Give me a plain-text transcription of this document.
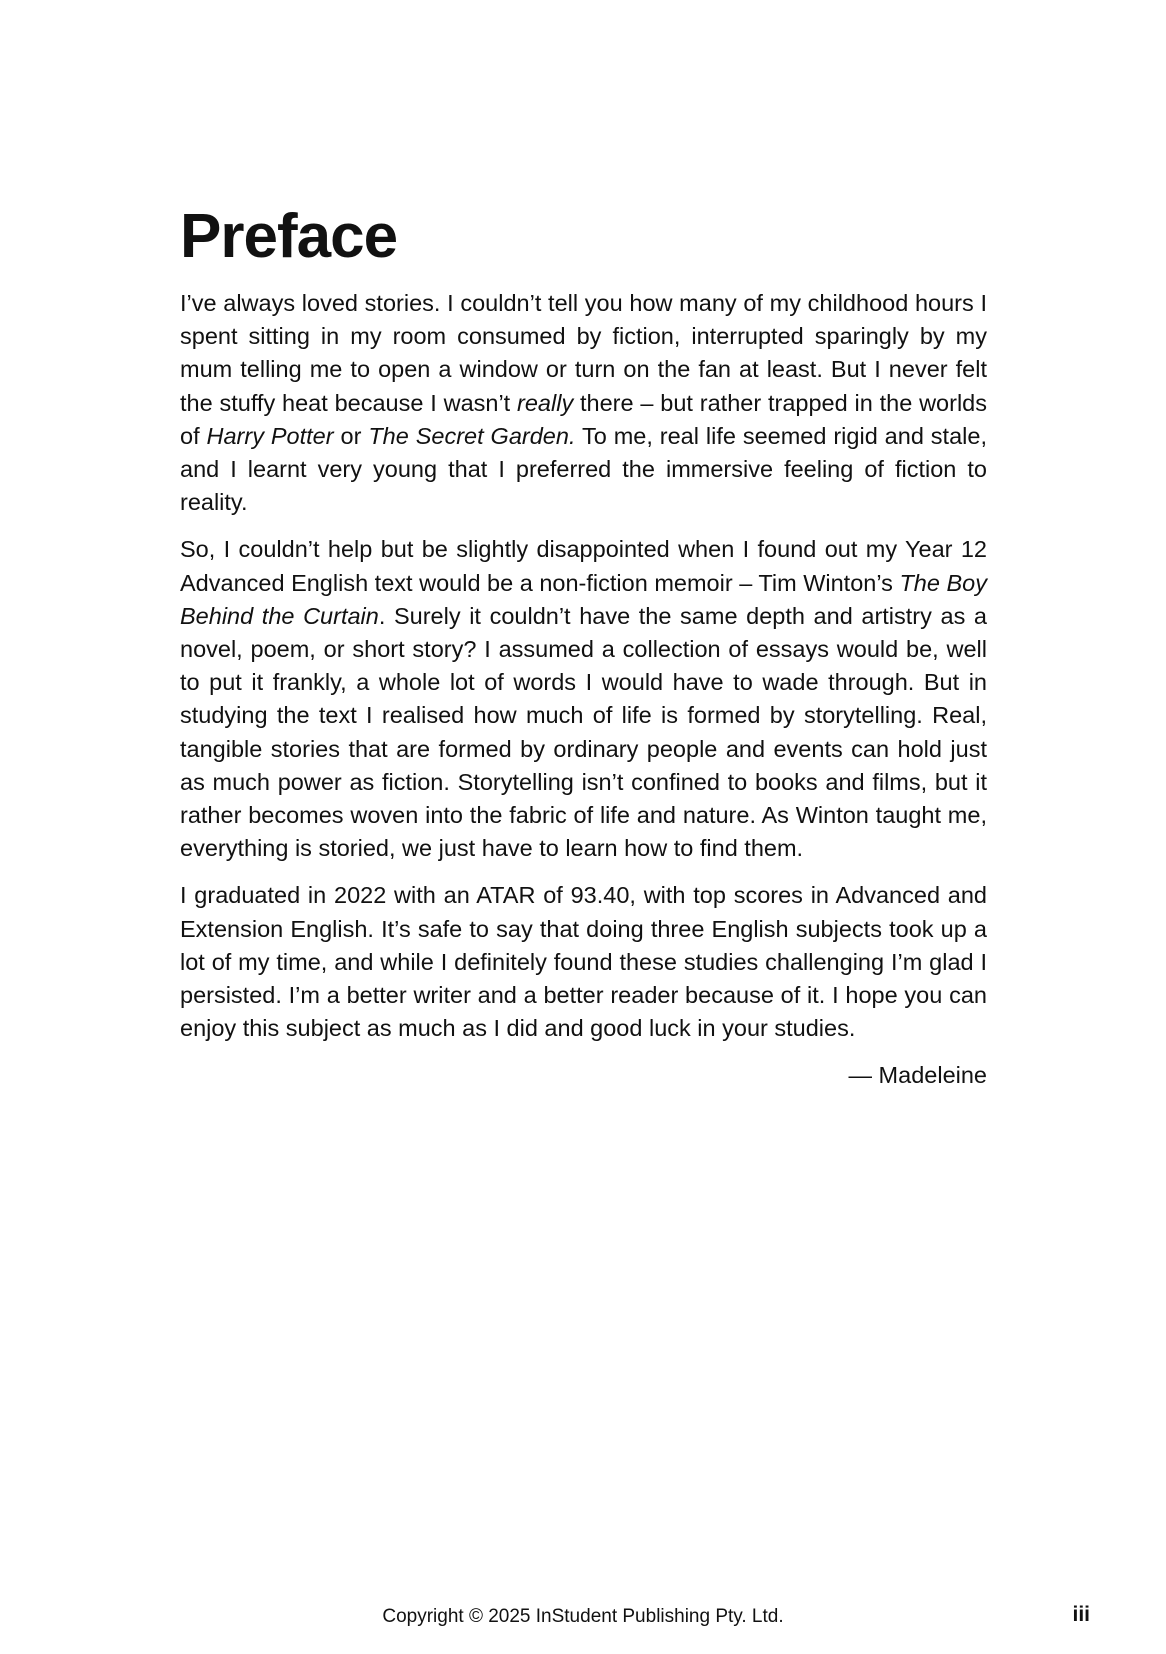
Preface

I’ve always loved stories. I couldn’t tell you how many of my childhood hours I spent sitting in my room consumed by fiction, interrupted sparingly by my mum telling me to open a window or turn on the fan at least. But I never felt the stuffy heat because I wasn’t really there – but rather trapped in the worlds of Harry Potter or The Secret Garden. To me, real life seemed rigid and stale, and I learnt very young that I preferred the immersive feeling of fiction to reality.

So, I couldn’t help but be slightly disappointed when I found out my Year 12 Advanced English text would be a non-fiction memoir – Tim Winton’s The Boy Behind the Curtain. Surely it couldn’t have the same depth and artistry as a novel, poem, or short story? I assumed a collection of essays would be, well to put it frankly, a whole lot of words I would have to wade through. But in studying the text I realised how much of life is formed by storytelling. Real, tangible stories that are formed by ordinary people and events can hold just as much power as fiction. Storytelling isn’t confined to books and films, but it rather becomes woven into the fabric of life and nature. As Winton taught me, everything is storied, we just have to learn how to find them.

I graduated in 2022 with an ATAR of 93.40, with top scores in Advanced and Extension English. It’s safe to say that doing three English subjects took up a lot of my time, and while I definitely found these studies challenging I’m glad I persisted. I’m a better writer and a better reader because of it. I hope you can enjoy this subject as much as I did and good luck in your studies.

— Madeleine

Copyright © 2025 InStudent Publishing Pty. Ltd.	iii
